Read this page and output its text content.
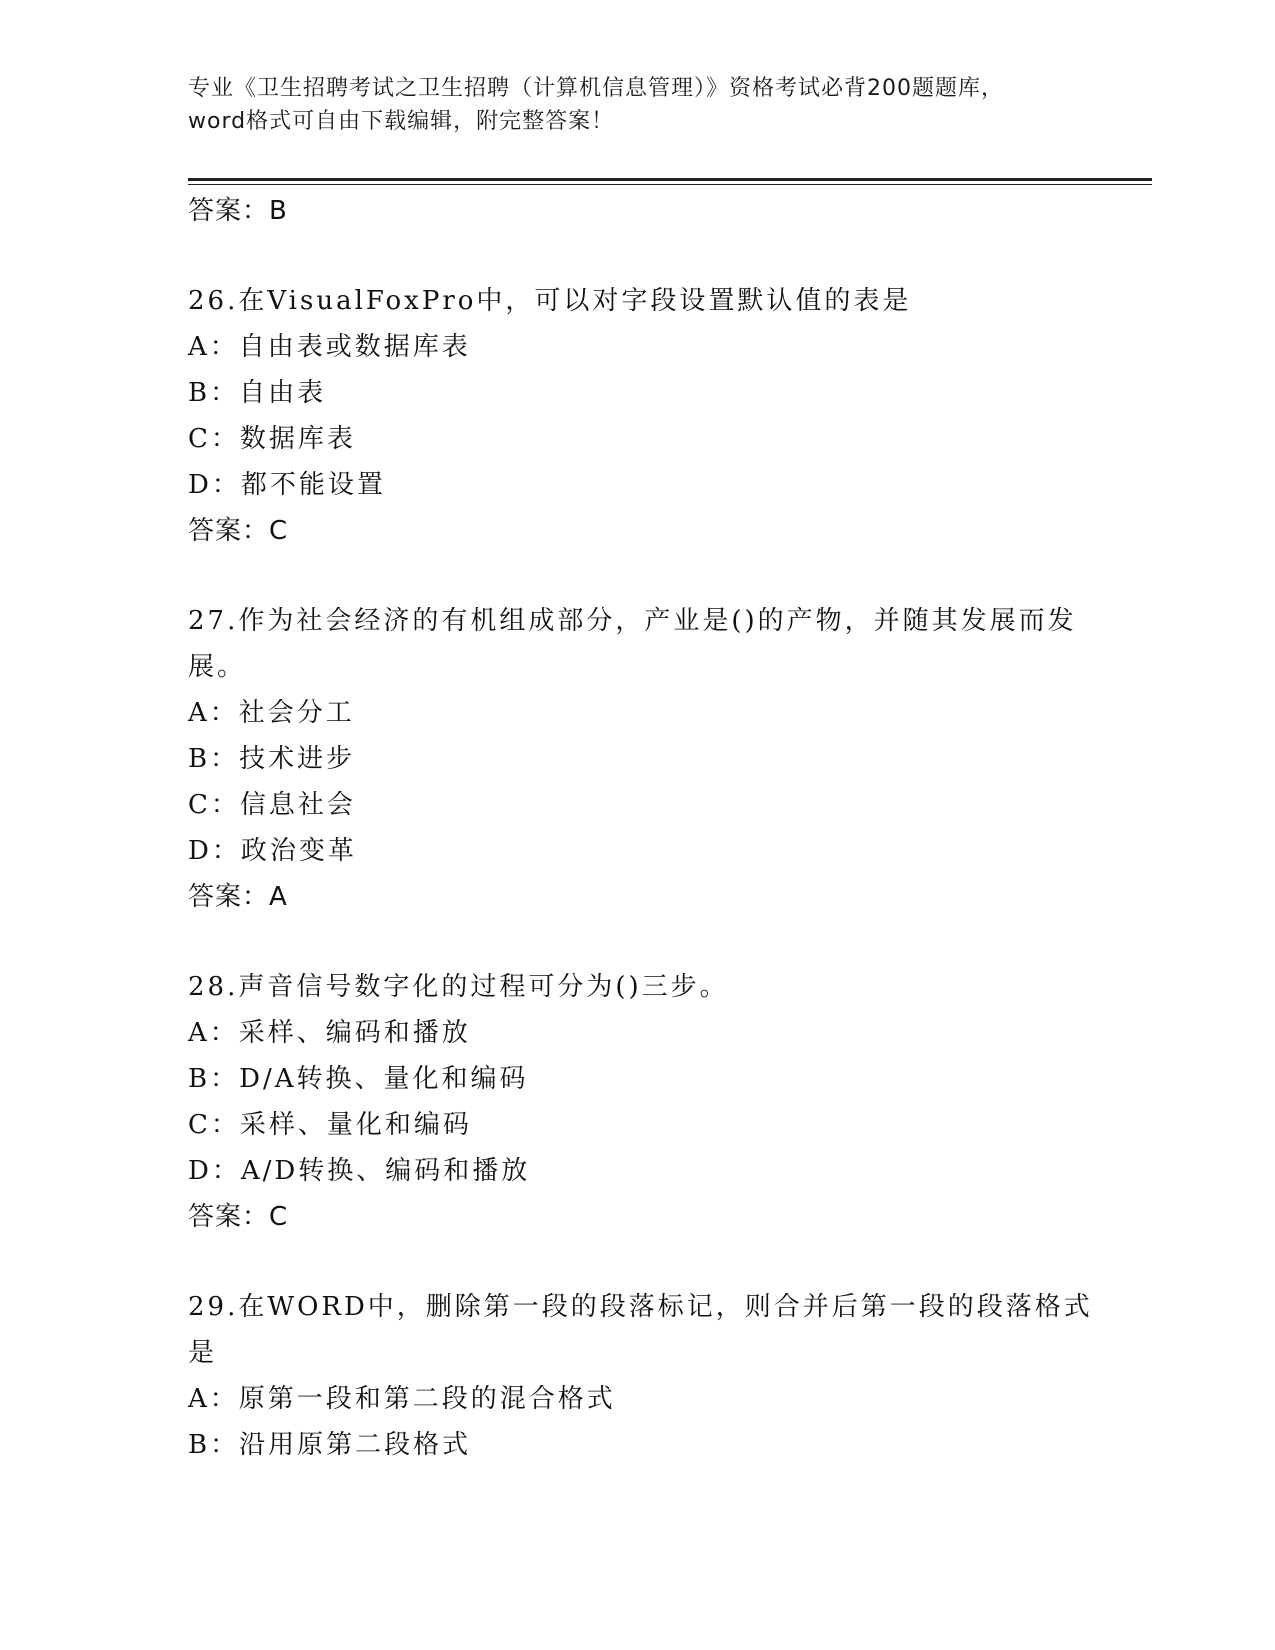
专业《卫生招聘考试之卫生招聘（计算机信息管理）》资格考试必背200题题库，
word格式可自由下载编辑，附完整答案！
答案：B
26.在VisualFoxPro中，可以对字段设置默认值的表是
A：自由表或数据库表
B：自由表
C：数据库表
D：都不能设置
答案：C
27.作为社会经济的有机组成部分，产业是()的产物，并随其发展而发
展。
A：社会分工
B：技术进步
C：信息社会
D：政治变革
答案：A
28.声音信号数字化的过程可分为()三步。
A：采样、编码和播放
B：D/A转换、量化和编码
C：采样、量化和编码
D：A/D转换、编码和播放
答案：C
29.在WORD中，删除第一段的段落标记，则合并后第一段的段落格式
是
A：原第一段和第二段的混合格式
B：沿用原第二段格式
